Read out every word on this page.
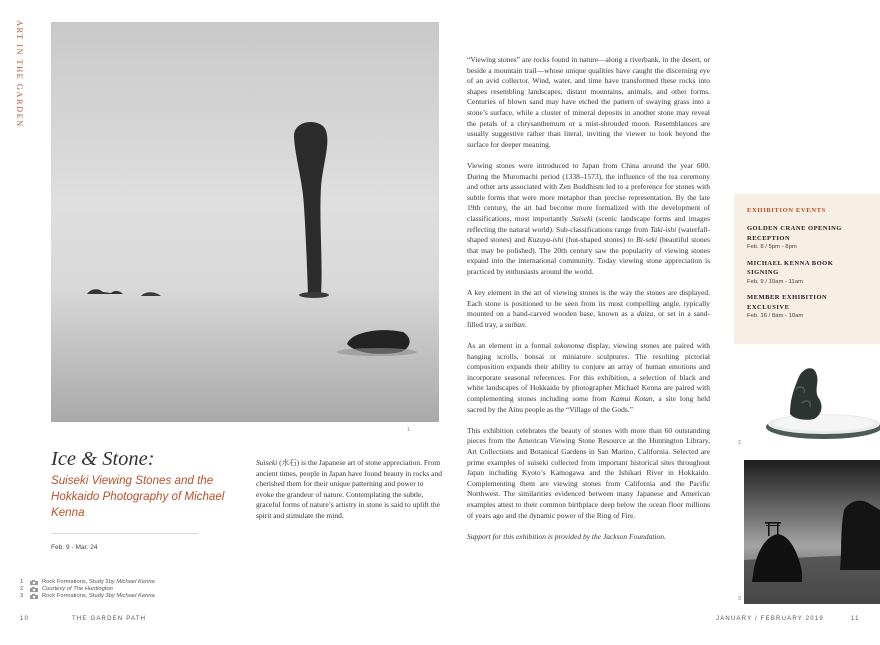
ART IN THE GARDEN
1
Ice & Stone:
Suiseki Viewing Stones and the Hokkaido Photography of Michael Kenna
Feb. 9 - Mar. 24
Suiseki (水石) is the Japanese art of stone appreciation. From ancient times, people in Japan have found beauty in rocks and cherished them for their unique patterning and power to evoke the grandeur of nature. Contemplating the subtle, graceful forms of nature’s artistry in stone is said to uplift the spirit and stimulate the mind.
1	Rock Formations, Study 2 by Michael Kenna
2	Courtesy of The Huntington
3	Rock Formations, Study 3 by Michael Kenna
10	THE GARDEN PATH	JANUARY / FEBRUARY 2019	11

“Viewing stones” are rocks found in nature—along a riverbank, in the desert, or beside a mountain trail—whose unique qualities have caught the discerning eye of an avid collector. Wind, water, and time have transformed these rocks into shapes resembling landscapes, distant mountains, animals, and other forms. Centuries of blown sand may have etched the pattern of swaying grass into a stone’s surface, while a cluster of mineral deposits in another stone may reveal the petals of a chrysanthemum or a mist-shrouded moon. Resemblances are usually suggestive rather than literal, inviting the viewer to look beyond the surface for deeper meaning.

Viewing stones were introduced to Japan from China around the year 600. During the Muromachi period (1338–1573), the influence of the tea ceremony and other arts associated with Zen Buddhism led to a preference for stones with subtle forms that were more metaphor than precise representation. By the late 19th century, the art had become more formalized with the development of classifications, most importantly Suiseki (scenic landscape forms and images reflecting the natural world). Sub-classifications range from Taki-ishi (waterfall-shaped stones) and Kuzuya-ishi (hut-shaped stones) to Bi-seki (beautiful stones that may be polished). The 20th century saw the popularity of viewing stones expand into the international community. Today viewing stone appreciation is practiced by enthusiasts around the world.

A key element in the art of viewing stones is the way the stones are displayed. Each stone is positioned to be seen from its most compelling angle, typically mounted on a hand-carved wooden base, known as a daiza, or set in a sand-filled tray, a suiban.

As an element in a formal tokonoma display, viewing stones are paired with hanging scrolls, bonsai or miniature sculptures. The resulting pictorial composition expands their ability to conjure an array of human emotions and incorporate seasonal references. For this exhibition, a selection of black and white landscapes of Hokkaido by photographer Michael Kenna are paired with complementing stones including some from Kamui Kotan, a site long held sacred by the Ainu people as the “Village of the Gods.”

This exhibition celebrates the beauty of stones with more than 60 outstanding pieces from the American Viewing Stone Resource at the Huntington Library, Art Collections and Botanical Gardens in San Marino, California. Selected are prime examples of suiseki collected from important historical sites throughout Japan including Kyoto’s Kamogawa and the Ishikari River in Hokkaido. Complementing them are viewing stones from California and the Pacific Northwest. The similarities evidenced between many Japanese and American examples attest to their common birthplace deep below the ocean floor millions of years ago and the dynamic power of the Ring of Fire.

Support for this exhibition is provided by the Jackson Foundation.

EXHIBITION EVENTS
GOLDEN CRANE OPENING RECEPTION
Feb. 8 / 5pm - 8pm
MICHAEL KENNA BOOK SIGNING
Feb. 9 / 10am - 11am
MEMBER EXHIBITION EXCLUSIVE
Feb. 16 / 8am - 10am
2
3
